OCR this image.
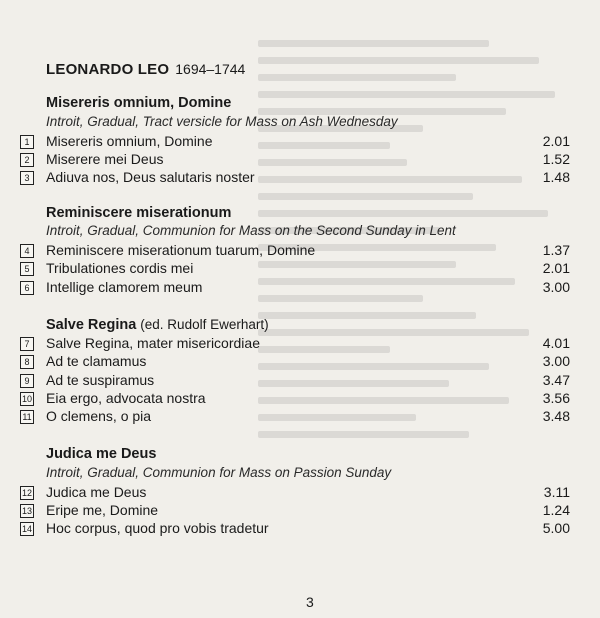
LEONARDO LEO 1694–1744
Misereris omnium, Domine
Introit, Gradual, Tract versicle for Mass on Ash Wednesday
1	Misereris omnium, Domine	2.01
2	Miserere mei Deus	1.52
3	Adiuva nos, Deus salutaris noster	1.48
Reminiscere miserationum
Introit, Gradual, Communion for Mass on the Second Sunday in Lent
4	Reminiscere miserationum tuarum, Domine	1.37
5	Tribulationes cordis mei	2.01
6	Intellige clamorem meum	3.00
Salve Regina (ed. Rudolf Ewerhart)
7	Salve Regina, mater misericordiae	4.01
8	Ad te clamamus	3.00
9	Ad te suspiramus	3.47
10 Eia ergo, advocata nostra	3.56
11 O clemens, o pia	3.48
Judica me Deus
Introit, Gradual, Communion for Mass on Passion Sunday
12 Judica me Deus	3.11
13 Eripe me, Domine	1.24
14 Hoc corpus, quod pro vobis tradetur	5.00
3
